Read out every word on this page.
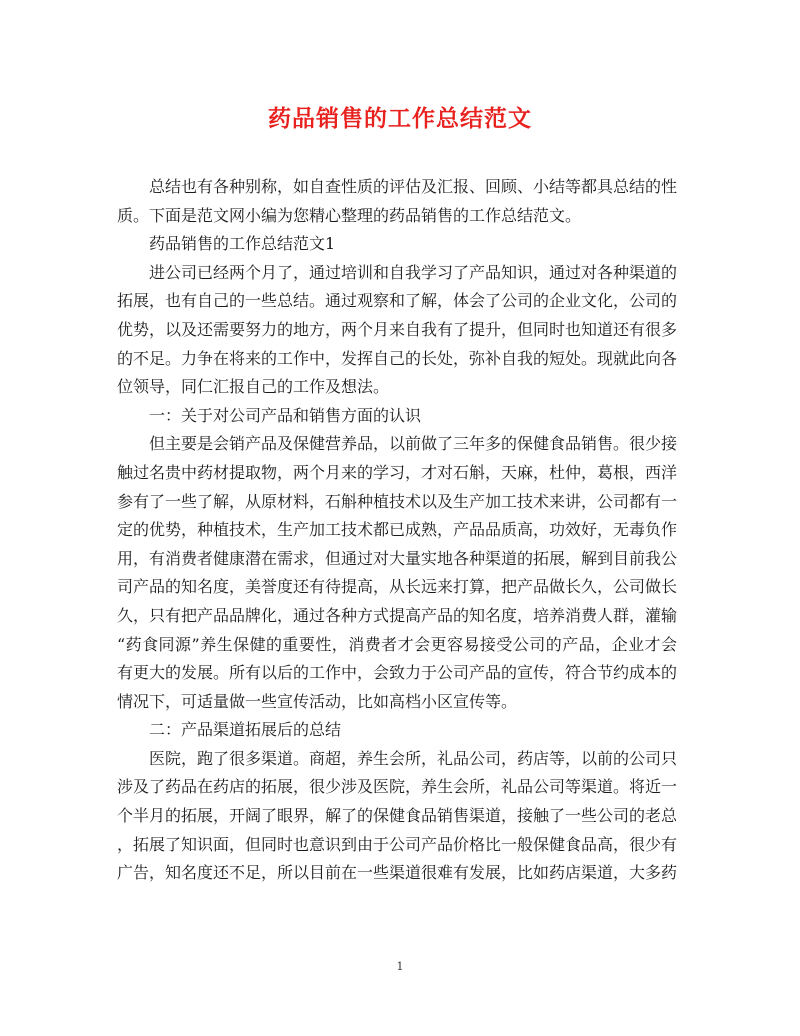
药品销售的工作总结范文
总结也有各种别称，如自查性质的评估及汇报、回顾、小结等都具总结的性
质。下面是范文网小编为您精心整理的药品销售的工作总结范文。
药品销售的工作总结范文1
进公司已经两个月了，通过培训和自我学习了产品知识，通过对各种渠道的
拓展，也有自己的一些总结。通过观察和了解，体会了公司的企业文化，公司的
优势，以及还需要努力的地方，两个月来自我有了提升，但同时也知道还有很多
的不足。力争在将来的工作中，发挥自己的长处，弥补自我的短处。现就此向各
位领导，同仁汇报自己的工作及想法。
一：关于对公司产品和销售方面的认识
但主要是会销产品及保健营养品，以前做了三年多的保健食品销售。很少接
触过名贵中药材提取物，两个月来的学习，才对石斛，天麻，杜仲，葛根，西洋
参有了一些了解，从原材料，石斛种植技术以及生产加工技术来讲，公司都有一
定的优势，种植技术，生产加工技术都已成熟，产品品质高，功效好，无毒负作
用，有消费者健康潜在需求，但通过对大量实地各种渠道的拓展，解到目前我公
司产品的知名度，美誉度还有待提高，从长远来打算，把产品做长久，公司做长
久，只有把产品品牌化，通过各种方式提高产品的知名度，培养消费人群，灌输
“药食同源”养生保健的重要性，消费者才会更容易接受公司的产品，企业才会
有更大的发展。所有以后的工作中，会致力于公司产品的宣传，符合节约成本的
情况下，可适量做一些宣传活动，比如高档小区宣传等。
二：产品渠道拓展后的总结
医院，跑了很多渠道。商超，养生会所，礼品公司，药店等，以前的公司只
涉及了药品在药店的拓展，很少涉及医院，养生会所，礼品公司等渠道。将近一
个半月的拓展，开阔了眼界，解了的保健食品销售渠道，接触了一些公司的老总
，拓展了知识面，但同时也意识到由于公司产品价格比一般保健食品高，很少有
广告，知名度还不足，所以目前在一些渠道很难有发展，比如药店渠道，大多药
1
